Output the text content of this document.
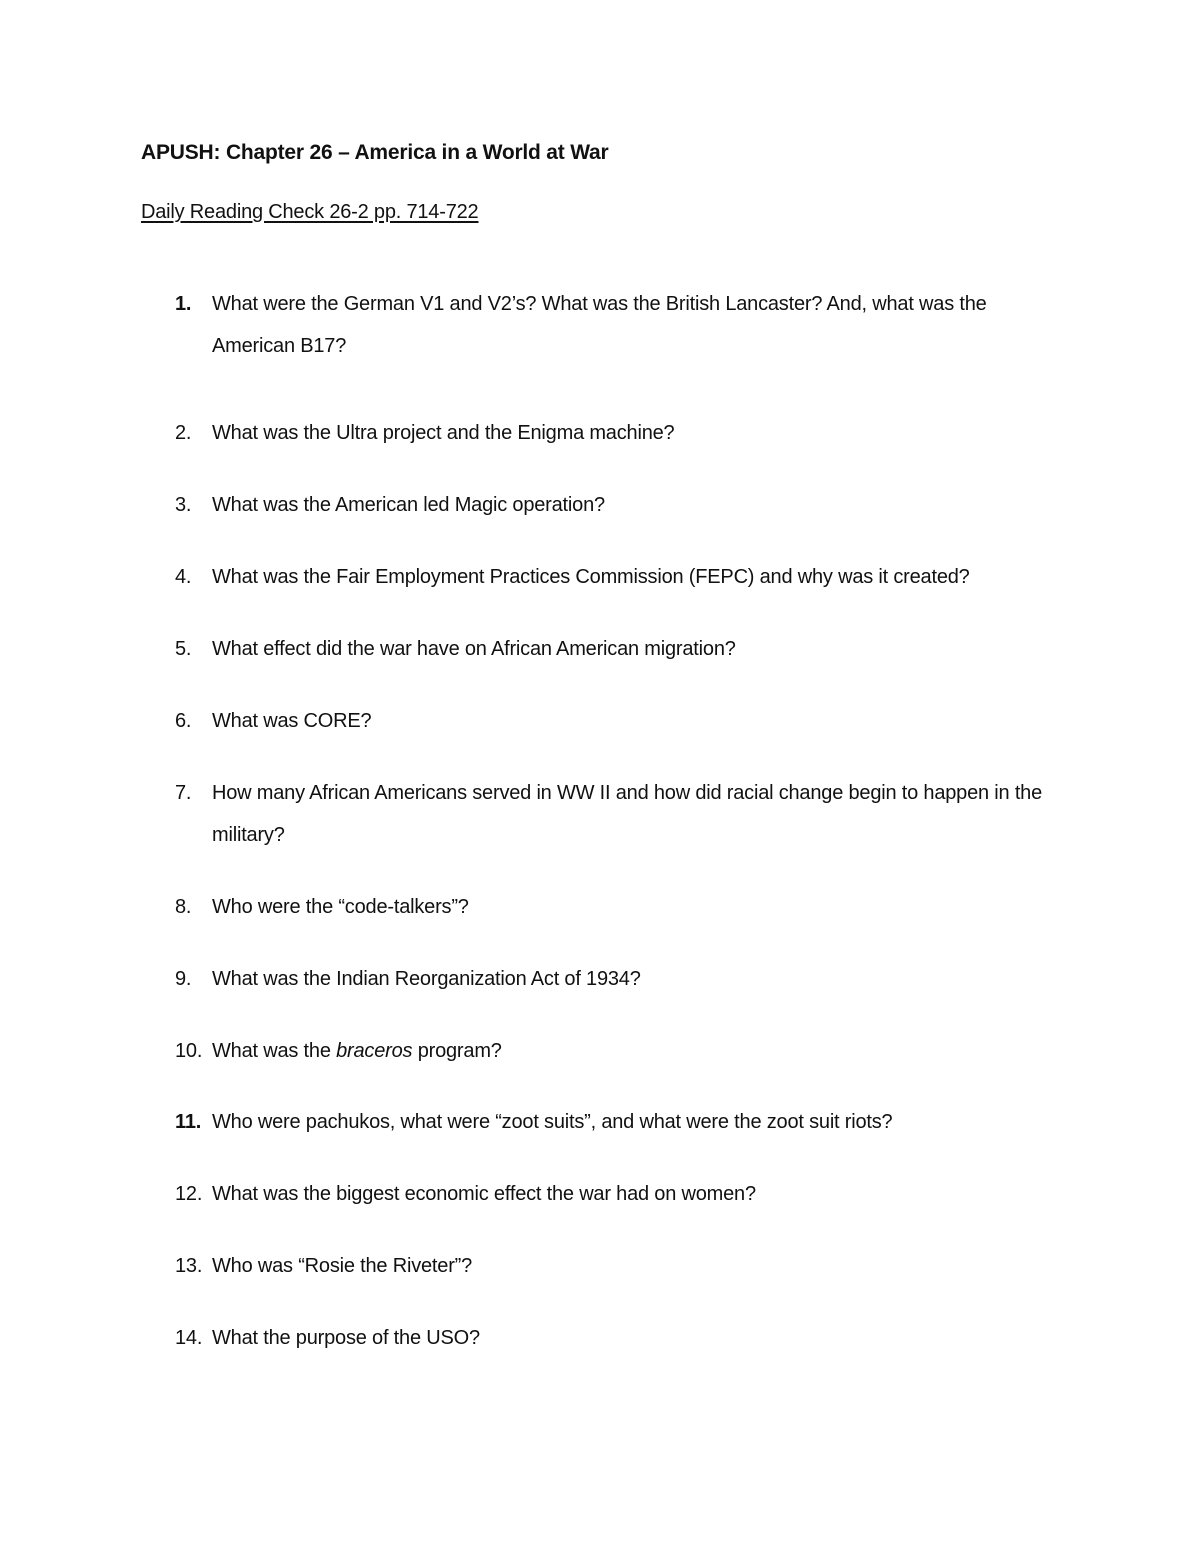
APUSH: Chapter 26 – America in a World at War
Daily Reading Check 26-2 pp. 714-722
1. What were the German V1 and V2’s? What was the British Lancaster? And, what was the American B17?
2. What was the Ultra project and the Enigma machine?
3. What was the American led Magic operation?
4. What was the Fair Employment Practices Commission (FEPC) and why was it created?
5. What effect did the war have on African American migration?
6. What was CORE?
7. How many African Americans served in WW II and how did racial change begin to happen in the military?
8. Who were the “code-talkers”?
9. What was the Indian Reorganization Act of 1934?
10. What was the braceros program?
11. Who were pachukos, what were “zoot suits”, and what were the zoot suit riots?
12. What was the biggest economic effect the war had on women?
13. Who was “Rosie the Riveter”?
14. What the purpose of the USO?
